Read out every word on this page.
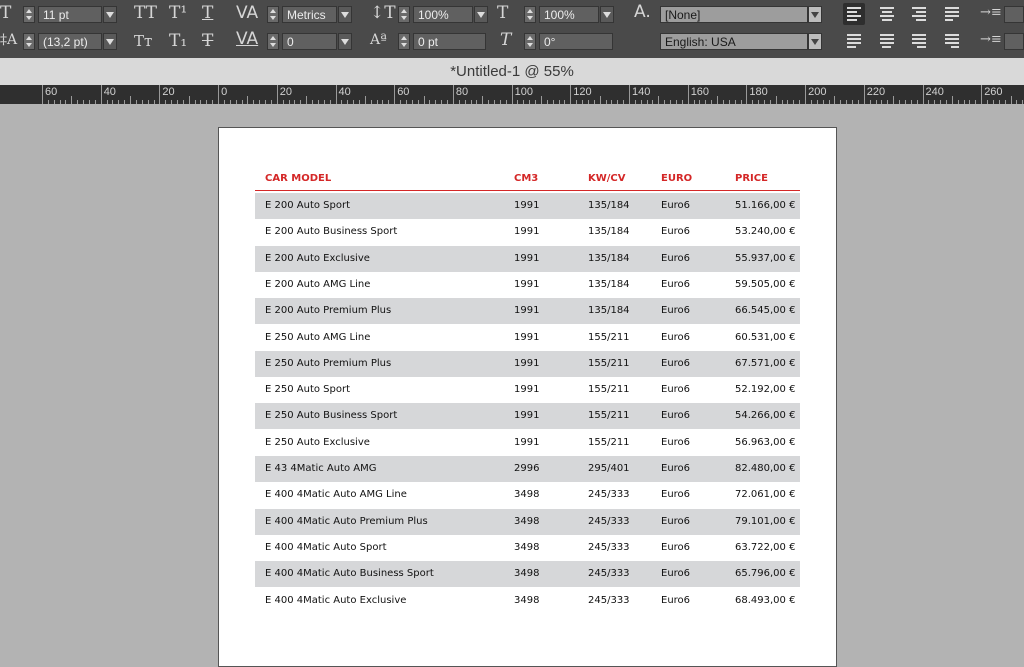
T	11 pt	TT T¹ T VA	Metrics	↕T	100%	T	100%	A.	[None]	→≡
‡A	(13,2 pt)	Tт T₁ T VA	0	Aª	0 pt	T	0°	English: USA	→≡
*Untitled-1 @ 55%
60	40	20	0	20	40	60	80	100	120	140	160	180	200	220	240	260
CAR MODEL	CM3	KW/CV	EURO	PRICE
E 200 Auto Sport	1991	135/184	Euro6	51.166,00 €
E 200 Auto Business Sport	1991	135/184	Euro6	53.240,00 €
E 200 Auto Exclusive	1991	135/184	Euro6	55.937,00 €
E 200 Auto AMG Line	1991	135/184	Euro6	59.505,00 €
E 200 Auto Premium Plus	1991	135/184	Euro6	66.545,00 €
E 250 Auto AMG Line	1991	155/211	Euro6	60.531,00 €
E 250 Auto Premium Plus	1991	155/211	Euro6	67.571,00 €
E 250 Auto Sport	1991	155/211	Euro6	52.192,00 €
E 250 Auto Business Sport	1991	155/211	Euro6	54.266,00 €
E 250 Auto Exclusive	1991	155/211	Euro6	56.963,00 €
E 43 4Matic Auto AMG	2996	295/401	Euro6	82.480,00 €
E 400 4Matic Auto AMG Line	3498	245/333	Euro6	72.061,00 €
E 400 4Matic Auto Premium Plus	3498	245/333	Euro6	79.101,00 €
E 400 4Matic Auto Sport	3498	245/333	Euro6	63.722,00 €
E 400 4Matic Auto Business Sport	3498	245/333	Euro6	65.796,00 €
E 400 4Matic Auto Exclusive	3498	245/333	Euro6	68.493,00 €
